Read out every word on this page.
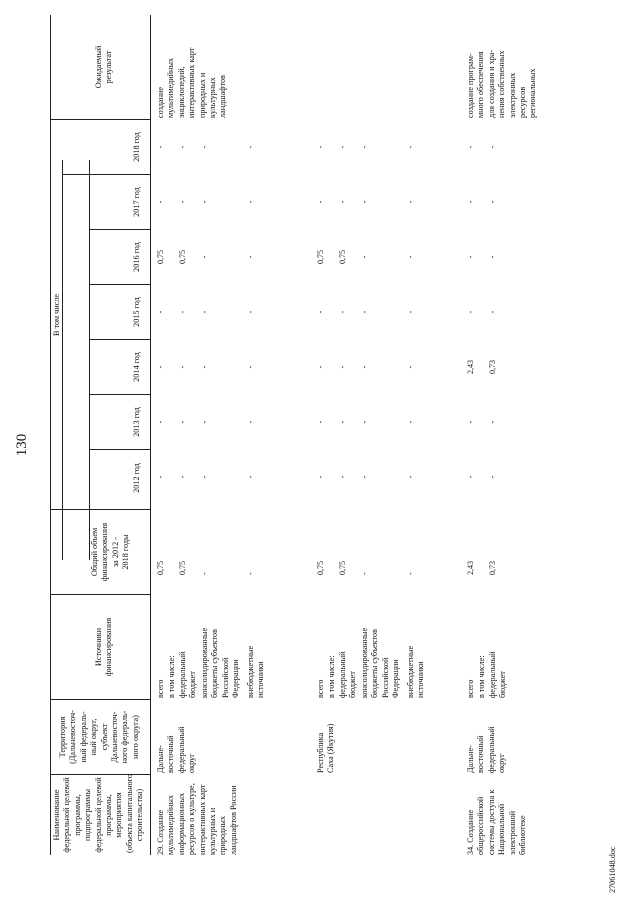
130
Наименование
федеральной целевой
программы,
подпрограммы
федеральной целевой
программы,
мероприятия
(объекта капитального
строительства)
Территория
(Дальневосточ-
ный федераль-
ный округ,
субъект
Дальневосточ-
ного федераль-
ного округа)
Источники
финансирования
Общий объем
финансирования
за 2012 -
2018 годы
В том числе
2012 год
2013 год
2014 год
2015 год
2016 год
2017 год
2018 год
Ожидаемый
результат
29. Создание
мультимедийных
информационных
ресурсов о культуре,
интерактивных карт
культурных и
природных
ландшафтов России
Дальне-
восточный
федеральный
округ	Республика
Саха (Якутия)
создание
мультимедийных
энциклопедий,
интерактивных карт
природных и
культурных
ландшафтов
34. Создание
общероссийской
системы доступа к
Национальной
электронной
библиотеке
Дальне-
восточный
федеральный
округ
создание програм-
много обеспечения
для создания и хра-
нения собственных
электронных
ресурсов
региональных
всего

0,75
-
-
-
-
0,75
-
-
в том числе: федеральный
бюджет

0,75
-
-
-
-
0,75
-
-
консолидированные
бюджеты субъектов
Российской
Федерации

-
-
-
-
-
-
-
-
внебюджетные
источники

-
-
-
-
-
-
-
-
всего

0,75
-
-
-
-
0,75
-
-
в том числе: федеральный
бюджет

0,75
-
-
-
-
0,75
-
-
консолидированные
бюджеты субъектов
Российской
Федерации

-
-
-
-
-
-
-
-
внебюджетные
источники

-
-
-
-
-
-
-
-
всего

2,43
-
-
2,43
-
-
-
-
в том числе: федеральный
бюджет

0,73
-
-
0,73
-
-
-
-
27061048.doc
